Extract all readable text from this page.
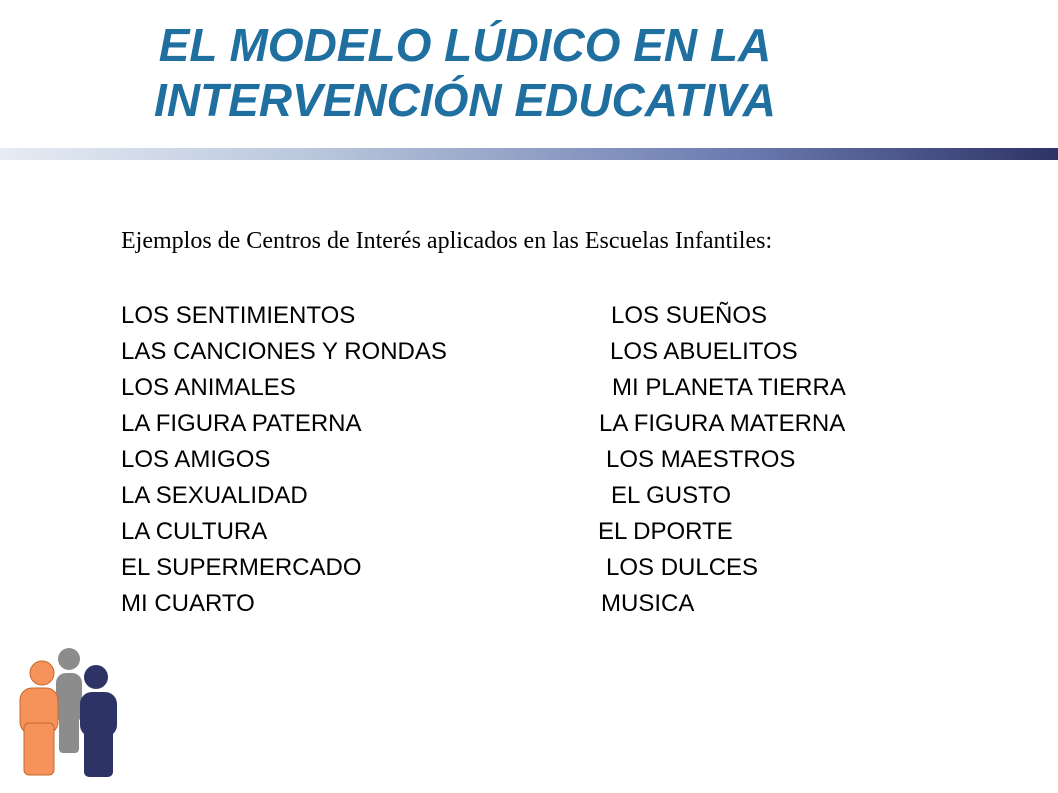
EL MODELO LÚDICO EN LA
INTERVENCIÓN EDUCATIVA
Ejemplos de Centros de Interés aplicados en las Escuelas Infantiles:
LOS SENTIMIENTOS	LOS SUEÑOS
LAS CANCIONES Y RONDAS	LOS ABUELITOS
LOS ANIMALES	MI PLANETA TIERRA
LA FIGURA PATERNA	LA FIGURA MATERNA
LOS AMIGOS	LOS MAESTROS
LA SEXUALIDAD	EL GUSTO
LA CULTURA	EL DPORTE
EL SUPERMERCADO	LOS DULCES
MI CUARTO	MUSICA
